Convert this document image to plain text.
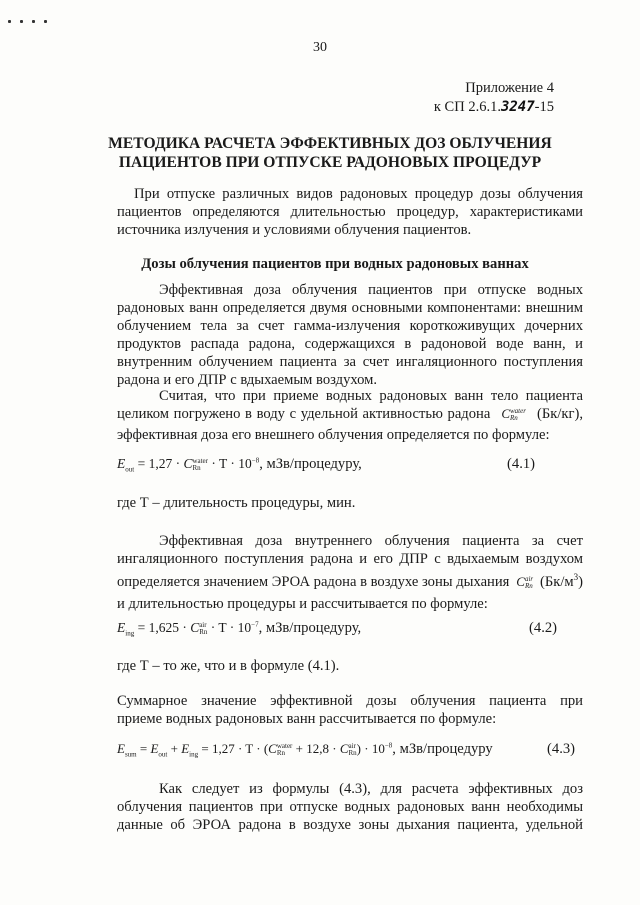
30
Приложение 4
к СП 2.6.1.3247-15
МЕТОДИКА РАСЧЕТА ЭФФЕКТИВНЫХ ДОЗ ОБЛУЧЕНИЯ
ПАЦИЕНТОВ ПРИ ОТПУСКЕ РАДОНОВЫХ ПРОЦЕДУР
При отпуске различных видов радоновых процедур дозы облучения
пациентов определяются длительностью процедур, характеристиками
источника излучения и условиями облучения пациентов.
Дозы облучения пациентов при водных радоновых ваннах
Эффективная доза облучения пациентов при отпуске водных
радоновых ванн определяется двумя основными компонентами: внешним
облучением тела за счет гамма-излучения короткоживущих дочерних
продуктов распада радона, содержащихся в радоновой воде ванн, и
внутренним облучением пациента за счет ингаляционного поступления
радона и его ДПР с вдыхаемым воздухом.
Считая, что при приеме водных радоновых ванн тело пациента
целиком погружено в воду с удельной активностью радона C water
Rn	(Бк/кг),
эффективная доза его внешнего облучения определяется по формуле:
$E_{out} = 1,27 \cdot C$ water
$Rn \cdot T \cdot 10^{-8}$, мЗв/процедуру,	(4.1)
где Т – длительность процедуры, мин.
Эффективная доза внутреннего облучения пациента за счет
ингаляционного поступления радона и его ДПР с вдыхаемым воздухом
определяется значением ЭРОА радона в воздухе зоны дыхания C air
Rn $(Бк/м^3)$
и длительностью процедуры и рассчитывается по формуле:
$E_{ing} = 1,625 \cdot C$ air
$Rn \cdot T \cdot 10^{-7}$, мЗв/процедуру,	(4.2)
где Т – то же, что и в формуле (4.1).
Суммарное значение эффективной дозы облучения пациента при
приеме водных радоновых ванн рассчитывается по формуле:
$E_{sum} = E_{out} + E_{ing} = 1,27 \cdot T \cdot (C$ water
Rn + 12,8 · C air
Rn ) · $10^{-8}$, мЗв/процедуру	(4.3)
Как следует из формулы (4.3), для расчета эффективных доз
облучения пациентов при отпуске водных радоновых ванн необходимы
данные об ЭРОА радона в воздухе зоны дыхания пациента, удельной
